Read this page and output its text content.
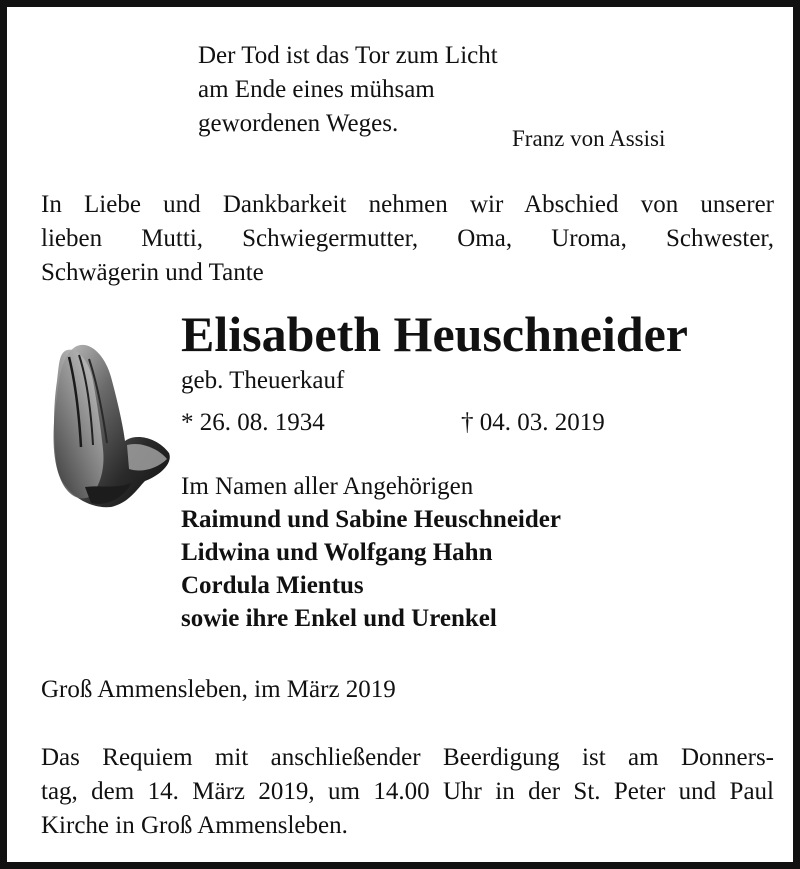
Der Tod ist das Tor zum Licht
am Ende eines mühsam
gewordenen Weges.
Franz von Assisi
In Liebe und Dankbarkeit nehmen wir Abschied von unserer
lieben Mutti, Schwiegermutter, Oma, Uroma, Schwester,
Schwägerin und Tante
Elisabeth Heuschneider
geb. Theuerkauf
* 26. 08. 1934	† 04. 03. 2019
Im Namen aller Angehörigen
Raimund und Sabine Heuschneider
Lidwina und Wolfgang Hahn
Cordula Mientus
sowie ihre Enkel und Urenkel
Groß Ammensleben, im März 2019
Das Requiem mit anschließender Beerdigung ist am Donners-
tag, dem 14. März 2019, um 14.00 Uhr in der St. Peter und Paul
Kirche in Groß Ammensleben.
